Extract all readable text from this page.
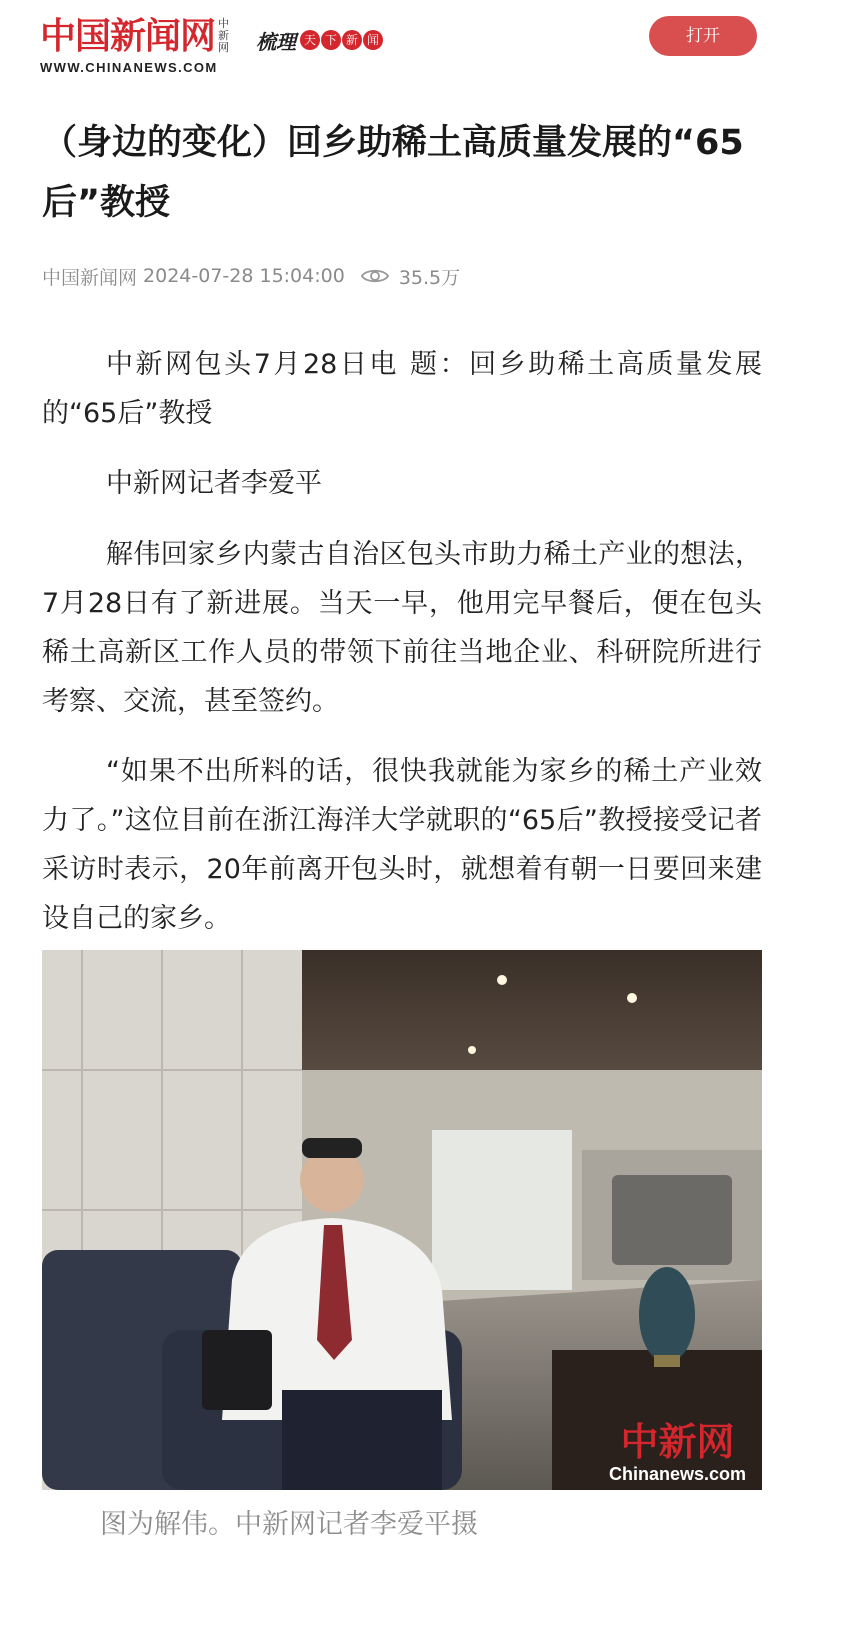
中国新闻网 中新网
WWW.CHINANEWS.COM
梳理 天 下 新 闻	打开
（身边的变化）回乡助稀土高质量发展的“65后”教授
中国新闻网 2024-07-28 15:04:00	35.5万

中新网包头7月28日电 题：回乡助稀土高质量发展的“65后”教授

中新网记者李爱平

解伟回家乡内蒙古自治区包头市助力稀土产业的想法，7月28日有了新进展。当天一早，他用完早餐后，便在包头稀土高新区工作人员的带领下前往当地企业、科研院所进行考察、交流，甚至签约。

“如果不出所料的话，很快我就能为家乡的稀土产业效力了。”这位目前在浙江海洋大学就职的“65后”教授接受记者采访时表示，20年前离开包头时，就想着有朝一日要回来建设自己的家乡。

中新网
Chinanews.com
图为解伟。中新网记者李爱平摄
